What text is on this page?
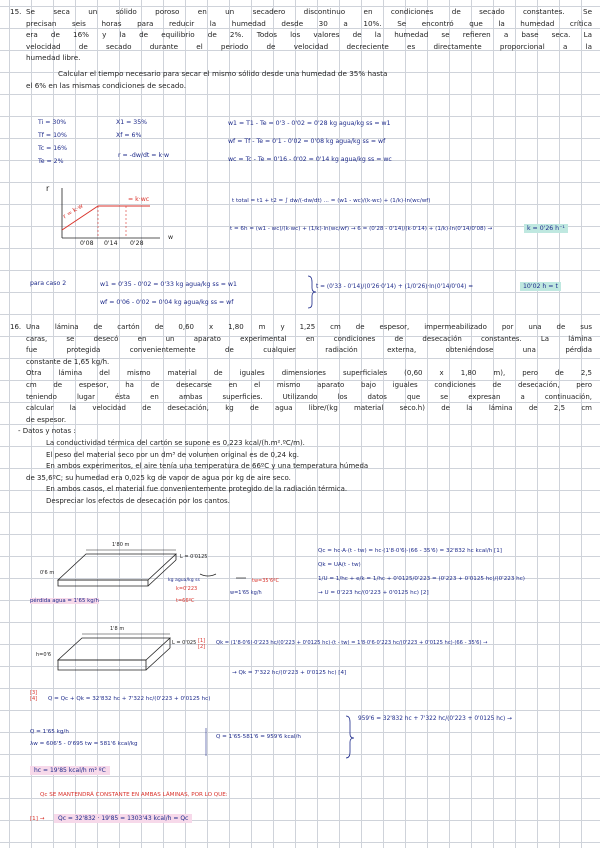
15. Se seca un sólido poroso en un secadero discontinuo en condiciones de secado constantes. Se
precisan seis horas para reducir la humedad desde 30 a 10%. Se encontró que la humedad crítica
era de 16% y la de equilibrio de 2%. Todos los valores de la humedad se refieren a base seca. La
velocidad de secado durante el periodo de velocidad decreciente es directamente proporcional a la
humedad libre.
Calcular el tiempo necesario para secar el mismo sólido desde una humedad de 35% hasta
el 6% en las mismas condiciones de secado.
Ti = 30%
Tf = 10%
Tc = 16%
Te = 2%
X1 = 35%
Xf = 6%
r = -dw/dt = k·w
w1 = T1 - Te = 0'3 - 0'02 = 0'28 kg agua/kg ss = w1
wf = Tf - Te = 0'1 - 0'02 = 0'08 kg agua/kg ss = wf
wc = Tc - Te = 0'16 - 0'02 = 0'14 kg agua/kg ss = wc
r
w
= k·wc
r = k·w
0'08 0'14 0'28
t total = t1 + t2 = ∫ dw/(-dw/dt) ... = (w1 - wc)/(k·wc) + (1/k)·ln(wc/wf)
t = 6h = (w1 - wc)/(k·wc) + (1/k)·ln(wc/wf) → 6 = (0'28 - 0'14)/(k·0'14) + (1/k)·ln(0'14/0'08) →	k = 0'26 h⁻¹
para caso 2	w1 = 0'35 - 0'02 = 0'33 kg agua/kg ss = w1
wf = 0'06 - 0'02 = 0'04 kg agua/kg ss = wf
t = (0'33 - 0'14)/(0'26·0'14) + (1/0'26)·ln(0'14/0'04) =	10'02 h = t
16. Una lámina de cartón de 0,60 x 1,80 m y 1,25 cm de espesor, impermeabilizado por una de sus
caras, se desecó en un aparato experimental en condiciones de desecación constantes. La lámina
fue protegida convenientemente de cualquier radiación externa, obteniéndose una pérdida
constante de 1,65 kg/h.
Otra lámina del mismo material de iguales dimensiones superficiales (0,60 x 1,80 m), pero de 2,5
cm de espesor, ha de desecarse en el mismo aparato bajo iguales condiciones de desecación, pero
teniendo lugar ésta en ambas superficies. Utilizando los datos que se expresan a continuación,
calcular la velocidad de desecación, kg de agua libre/(kg material seco.h) de la lámina de 2,5 cm
de espesor.
- Datos y notas :
La conductividad térmica del cartón se supone es 0,223 kcal/(h.m².ºC/m).
El peso del material seco por un dm³ de volumen original es de 0,24 kg.
En ambos experimentos, el aire tenía una temperatura de 66ºC y una temperatura húmeda
de 35,6ºC; su humedad era 0,025 kg de vapor de agua por kg de aire seco.
En ambos casos, el material fue convenientemente protegido de la radiación térmica.
Despreciar los efectos de desecación por los cantos.
1'80 m
L = 0'0125
0'6 m
k=0'223
t=66ºC
kg agua/kg ss
w=1'65 kg/h
tw=35'6ºC
pérdida agua = 1'65 kg/h
1'8 m
L = 0'025
h=0'6
Qc = hc·A·(t - tw) = hc·(1'8·0'6)·(66 - 35'6) = 32'832 hc kcal/h [1]
Qk = UA(t - tw)
1/U = 1/hc + e/k = 1/hc + 0'0125/0'223 = (0'223 + 0'0125 hc)/(0'223 hc)
→ U = 0'223 hc/(0'223 + 0'0125 hc) [2]
[1] [2]
Qk = (1'8·0'6)·0'223 hc/(0'223 + 0'0125 hc)·(t - tw) = 1'8·0'6·0'223 hc/(0'223 + 0'0125 hc)·(66 - 35'6) →
→ Qk = 7'322 hc/(0'223 + 0'0125 hc) [4]
[3] [4]	Q = Qc + Qk = 32'832 hc + 7'322 hc/(0'223 + 0'0125 hc)
Q = 1'65 kg/h
λw = 606'5 - 0'695 tw = 581'6 kcal/kg
Q = 1'65·581'6 = 959'6 kcal/h
959'6 = 32'832 hc + 7'322 hc/(0'223 + 0'0125 hc) →
hc = 19'85 kcal/h m² ºC
Qc SE MANTENDRÁ CONSTANTE EN AMBAS LÁMINAS, POR LO QUE:
[1] →	Qc = 32'832 · 19'85 = 1303'43 kcal/h = Qc
